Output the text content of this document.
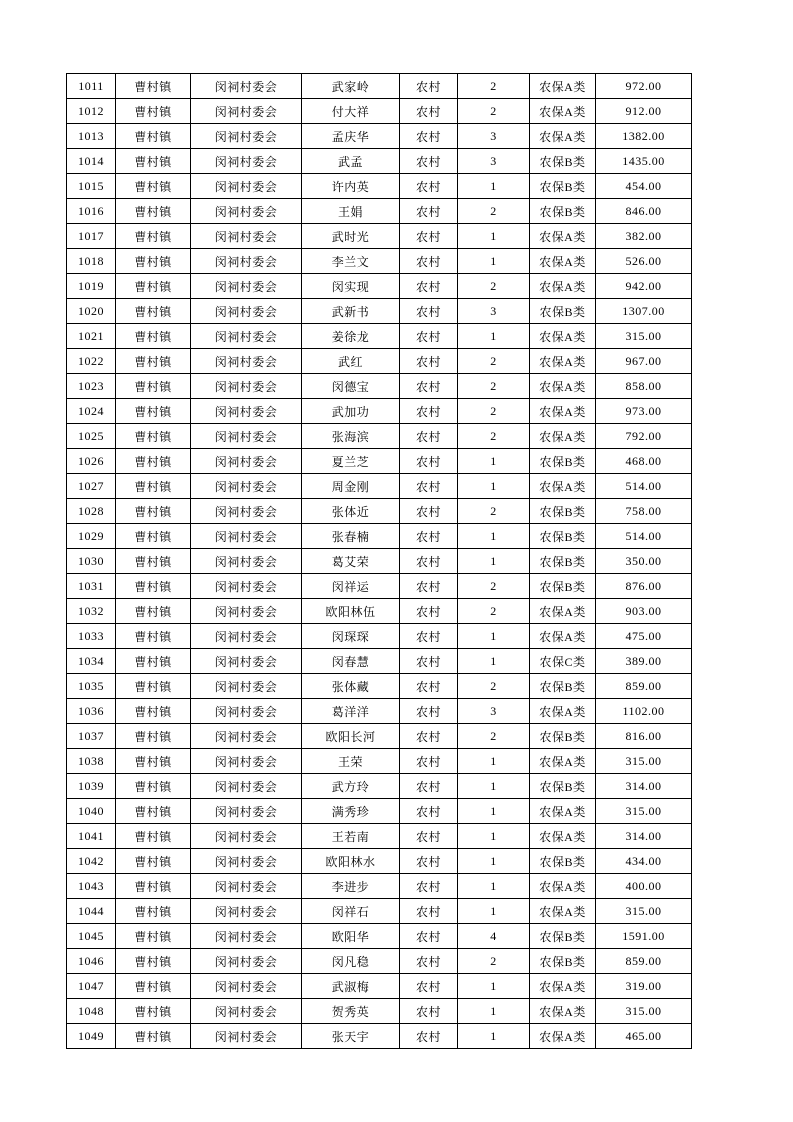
1011	曹村镇	闵祠村委会	武家岭	农村	2	农保A类	972.00
1012	曹村镇	闵祠村委会	付大祥	农村	2	农保A类	912.00
1013	曹村镇	闵祠村委会	孟庆华	农村	3	农保A类	1382.00
1014	曹村镇	闵祠村委会	武孟	农村	3	农保B类	1435.00
1015	曹村镇	闵祠村委会	许内英	农村	1	农保B类	454.00
1016	曹村镇	闵祠村委会	王娟	农村	2	农保B类	846.00
1017	曹村镇	闵祠村委会	武时光	农村	1	农保A类	382.00
1018	曹村镇	闵祠村委会	李兰文	农村	1	农保A类	526.00
1019	曹村镇	闵祠村委会	闵实现	农村	2	农保A类	942.00
1020	曹村镇	闵祠村委会	武新书	农村	3	农保B类	1307.00
1021	曹村镇	闵祠村委会	姜徐龙	农村	1	农保A类	315.00
1022	曹村镇	闵祠村委会	武红	农村	2	农保A类	967.00
1023	曹村镇	闵祠村委会	闵德宝	农村	2	农保A类	858.00
1024	曹村镇	闵祠村委会	武加功	农村	2	农保A类	973.00
1025	曹村镇	闵祠村委会	张海滨	农村	2	农保A类	792.00
1026	曹村镇	闵祠村委会	夏兰芝	农村	1	农保B类	468.00
1027	曹村镇	闵祠村委会	周金刚	农村	1	农保A类	514.00
1028	曹村镇	闵祠村委会	张体近	农村	2	农保B类	758.00
1029	曹村镇	闵祠村委会	张春楠	农村	1	农保B类	514.00
1030	曹村镇	闵祠村委会	葛艾荣	农村	1	农保B类	350.00
1031	曹村镇	闵祠村委会	闵祥运	农村	2	农保B类	876.00
1032	曹村镇	闵祠村委会	欧阳林伍	农村	2	农保A类	903.00
1033	曹村镇	闵祠村委会	闵琛琛	农村	1	农保A类	475.00
1034	曹村镇	闵祠村委会	闵春慧	农村	1	农保C类	389.00
1035	曹村镇	闵祠村委会	张体藏	农村	2	农保B类	859.00
1036	曹村镇	闵祠村委会	葛洋洋	农村	3	农保A类	1102.00
1037	曹村镇	闵祠村委会	欧阳长河	农村	2	农保B类	816.00
1038	曹村镇	闵祠村委会	王荣	农村	1	农保A类	315.00
1039	曹村镇	闵祠村委会	武方玲	农村	1	农保B类	314.00
1040	曹村镇	闵祠村委会	满秀珍	农村	1	农保A类	315.00
1041	曹村镇	闵祠村委会	王若南	农村	1	农保A类	314.00
1042	曹村镇	闵祠村委会	欧阳林水	农村	1	农保B类	434.00
1043	曹村镇	闵祠村委会	李进步	农村	1	农保A类	400.00
1044	曹村镇	闵祠村委会	闵祥石	农村	1	农保A类	315.00
1045	曹村镇	闵祠村委会	欧阳华	农村	4	农保B类	1591.00
1046	曹村镇	闵祠村委会	闵凡稳	农村	2	农保B类	859.00
1047	曹村镇	闵祠村委会	武淑梅	农村	1	农保A类	319.00
1048	曹村镇	闵祠村委会	贺秀英	农村	1	农保A类	315.00
1049	曹村镇	闵祠村委会	张天宇	农村	1	农保A类	465.00
